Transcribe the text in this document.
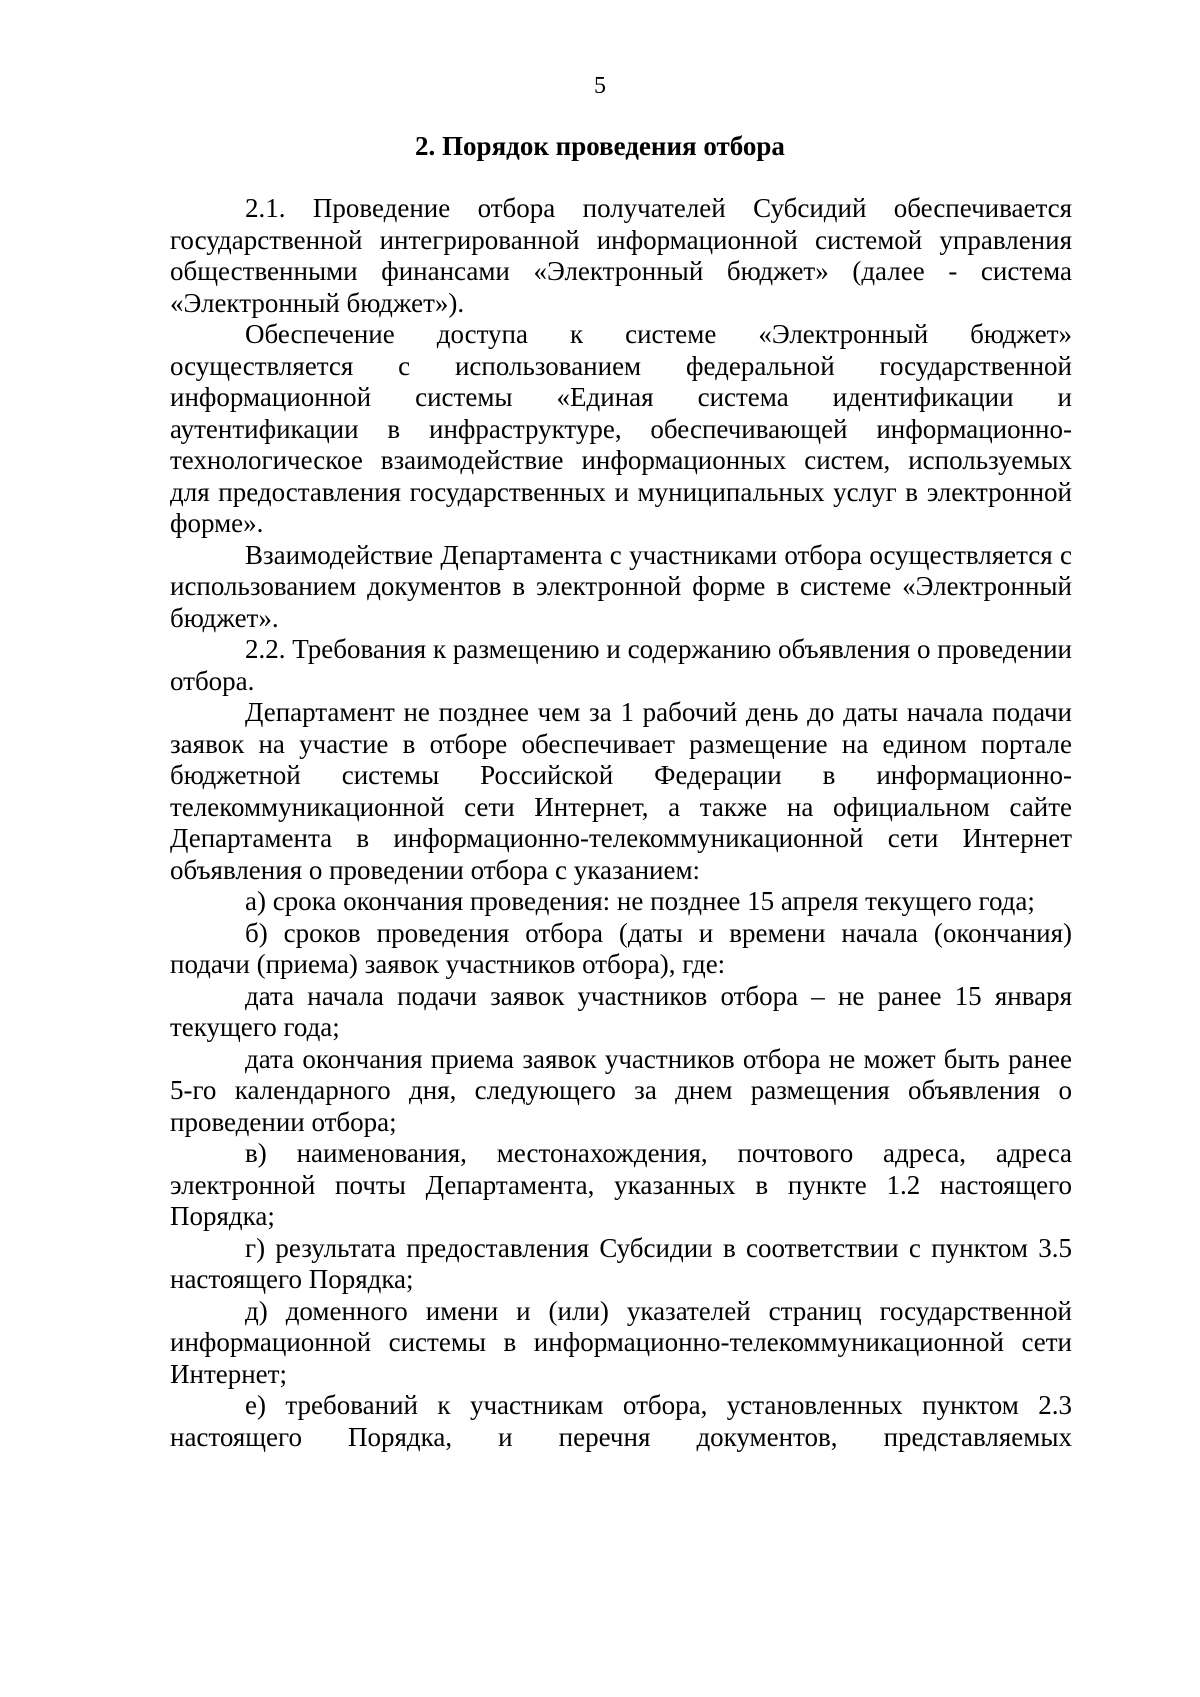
5
2. Порядок проведения отбора

2.1. Проведение отбора получателей Субсидий обеспечивается государственной интегрированной информационной системой управления общественными финансами «Электронный бюджет» (далее - система «Электронный бюджет»).

Обеспечение доступа к системе «Электронный бюджет» осуществляется с использованием федеральной государственной информационной системы «Единая система идентификации и аутентификации в инфраструктуре, обеспечивающей информационно-технологическое взаимодействие информационных систем, используемых для предоставления государственных и муниципальных услуг в электронной форме».

Взаимодействие Департамента с участниками отбора осуществляется с использованием документов в электронной форме в системе «Электронный бюджет».

2.2. Требования к размещению и содержанию объявления о проведении отбора.

Департамент не позднее чем за 1 рабочий день до даты начала подачи заявок на участие в отборе обеспечивает размещение на едином портале бюджетной системы Российской Федерации в информационно-телекоммуникационной сети Интернет, а также на официальном сайте Департамента в информационно-телекоммуникационной сети Интернет объявления о проведении отбора с указанием:

а) срока окончания проведения: не позднее 15 апреля текущего года;

б) сроков проведения отбора (даты и времени начала (окончания) подачи (приема) заявок участников отбора), где:

дата начала подачи заявок участников отбора – не ранее 15 января текущего года;

дата окончания приема заявок участников отбора не может быть ранее 5-го календарного дня, следующего за днем размещения объявления о проведении отбора;

в) наименования, местонахождения, почтового адреса, адреса электронной почты Департамента, указанных в пункте 1.2 настоящего Порядка;

г) результата предоставления Субсидии в соответствии с пунктом 3.5 настоящего Порядка;

д) доменного имени и (или) указателей страниц государственной информационной системы в информационно-телекоммуникационной сети Интернет;

е) требований к участникам отбора, установленных пунктом 2.3 настоящего Порядка, и перечня документов, представляемых
